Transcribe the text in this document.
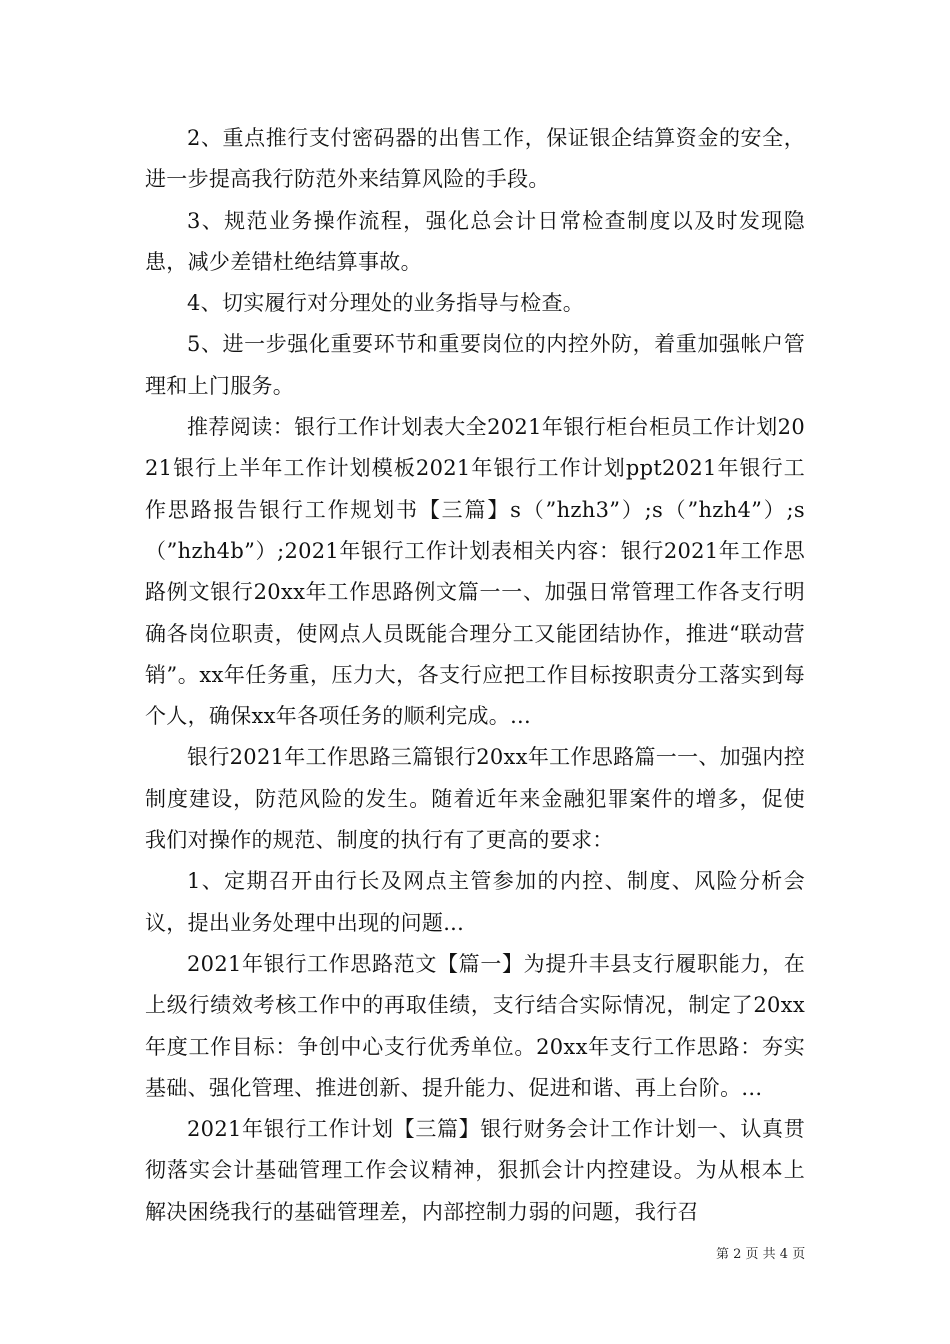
2、重点推行支付密码器的出售工作，保证银企结算资金的安全，进一步提高我行防范外来结算风险的手段。

3、规范业务操作流程，强化总会计日常检查制度以及时发现隐患，减少差错杜绝结算事故。

4、切实履行对分理处的业务指导与检查。

5、进一步强化重要环节和重要岗位的内控外防，着重加强帐户管理和上门服务。

推荐阅读：银行工作计划表大全2021年银行柜台柜员工作计划2021银行上半年工作计划模板2021年银行工作计划ppt2021年银行工作思路报告银行工作规划书【三篇】s（”hzh3”）;s（”hzh4”）;s（”hzh4b”）;2021年银行工作计划表相关内容：银行2021年工作思路例文银行20xx年工作思路例文篇一一、加强日常管理工作各支行明确各岗位职责，使网点人员既能合理分工又能团结协作，推进“联动营销”。xx年任务重，压力大，各支行应把工作目标按职责分工落实到每个人，确保xx年各项任务的顺利完成。...

银行2021年工作思路三篇银行20xx年工作思路篇一一、加强内控制度建设，防范风险的发生。随着近年来金融犯罪案件的增多，促使我们对操作的规范、制度的执行有了更高的要求：

1、定期召开由行长及网点主管参加的内控、制度、风险分析会议，提出业务处理中出现的问题...

2021年银行工作思路范文【篇一】为提升丰县支行履职能力，在上级行绩效考核工作中的再取佳绩，支行结合实际情况，制定了20xx年度工作目标：争创中心支行优秀单位。20xx年支行工作思路：夯实基础、强化管理、推进创新、提升能力、促进和谐、再上台阶。...

2021年银行工作计划【三篇】银行财务会计工作计划一、认真贯彻落实会计基础管理工作会议精神，狠抓会计内控建设。为从根本上解决困绕我行的基础管理差，内部控制力弱的问题，我行召

第 2 页 共 4 页
